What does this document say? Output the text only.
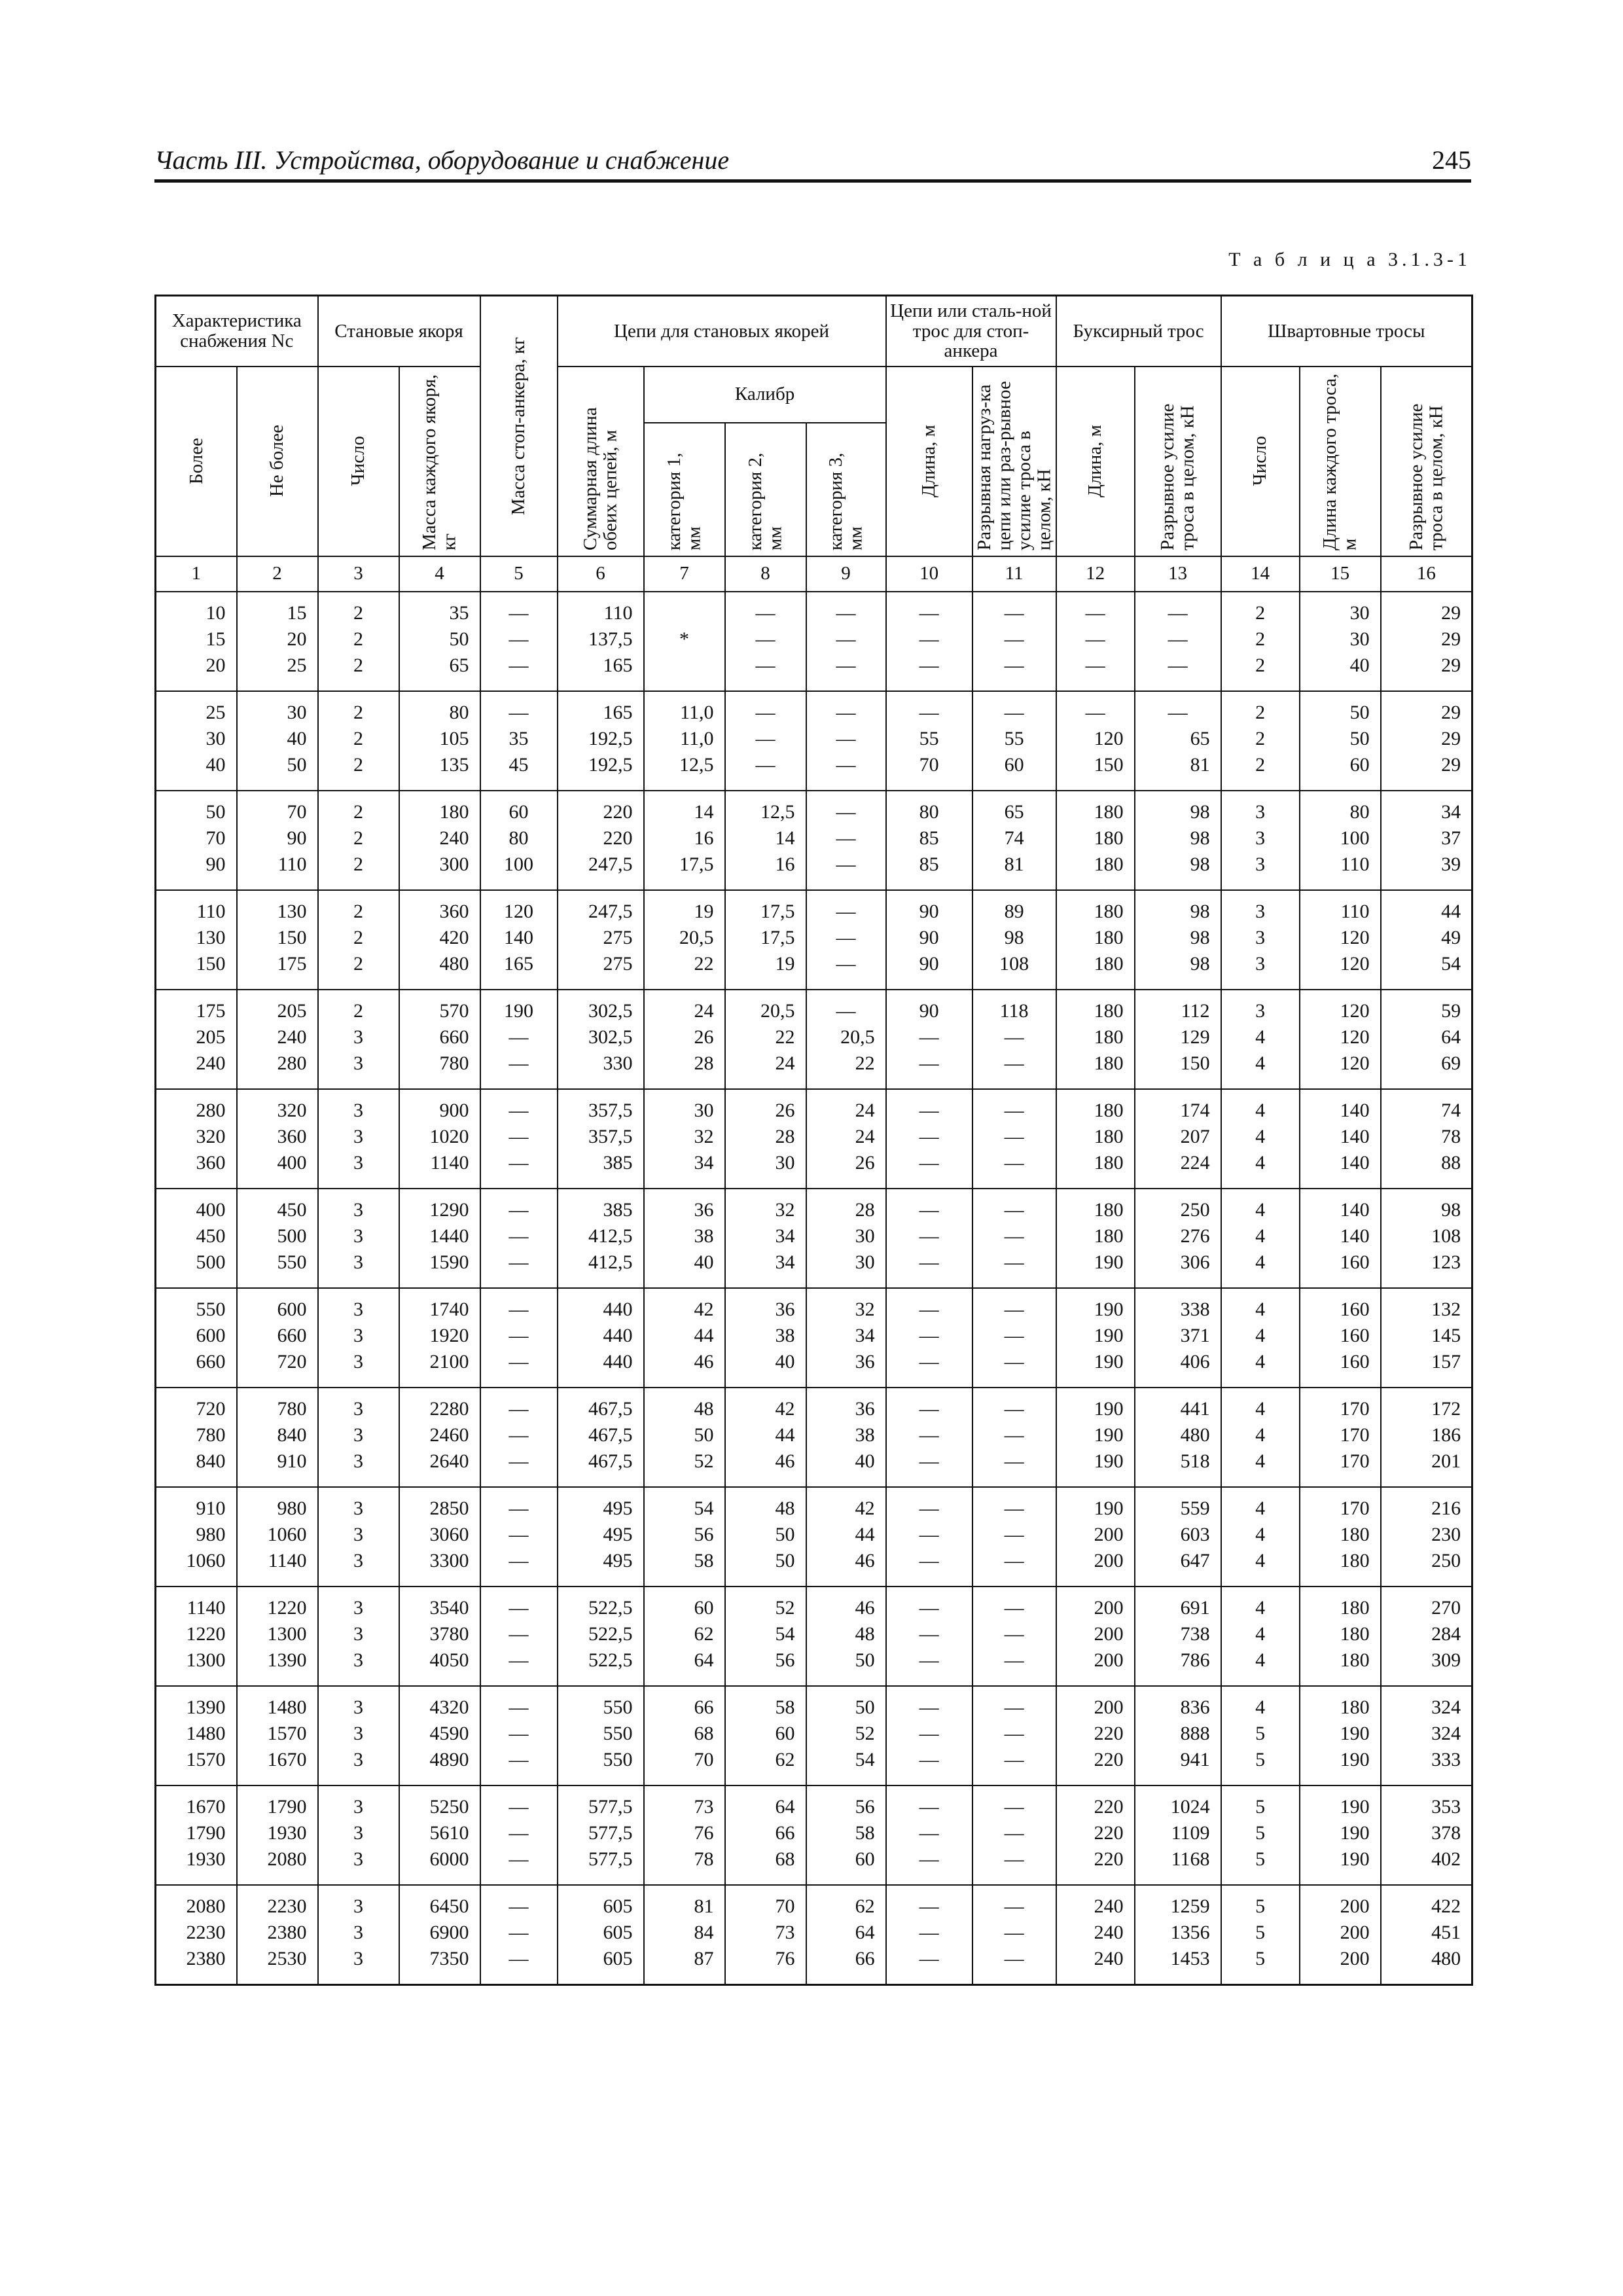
Часть III. Устройства, оборудование и снабжение	245
Т а б л и ц а 3.1.3-1
Характеристика снабжения Nc		Становые якоря		Масса стоп-анкера, кг	Цепи для становых якорей				Цепи или сталь-ной трос для стоп-анкера		Буксирный трос		Швартовные тросы		

Более	Не более	Число	Масса каждого якоря, кг		Суммарная длина обеих цепей, м	Калибр			Длина, м	Разрывная нагруз-ка цепи или раз-рывное усилие троса в целом, кН	Длина, м	Разрывное усилие троса в целом, кН	Число	Длина каждого троса, м	Разрывное усилие троса в целом, кН

						категория 1, мм	категория 2, мм	категория 3, мм							

1	2	3	4	5	6	7	8	9	10	11	12	13	14	15	16

10	15	2	35	—	110		—	—	—	—	—	—	2	30	29
15	20	2	50	—	137,5	*	—	—	—	—	—	—	2	30	29
20	25	2	65	—	165		—	—	—	—	—	—	2	40	29

25	30	2	80	—	165	11,0	—	—	—	—	—	—	2	50	29
30	40	2	105	35	192,5	11,0	—	—	55	55	120	65	2	50	29
40	50	2	135	45	192,5	12,5	—	—	70	60	150	81	2	60	29

50	70	2	180	60	220	14	12,5	—	80	65	180	98	3	80	34
70	90	2	240	80	220	16	14	—	85	74	180	98	3	100	37
90	110	2	300	100	247,5	17,5	16	—	85	81	180	98	3	110	39

110	130	2	360	120	247,5	19	17,5	—	90	89	180	98	3	110	44
130	150	2	420	140	275	20,5	17,5	—	90	98	180	98	3	120	49
150	175	2	480	165	275	22	19	—	90	108	180	98	3	120	54

175	205	2	570	190	302,5	24	20,5	—	90	118	180	112	3	120	59
205	240	3	660	—	302,5	26	22	20,5	—	—	180	129	4	120	64
240	280	3	780	—	330	28	24	22	—	—	180	150	4	120	69

280	320	3	900	—	357,5	30	26	24	—	—	180	174	4	140	74
320	360	3	1020	—	357,5	32	28	24	—	—	180	207	4	140	78
360	400	3	1140	—	385	34	30	26	—	—	180	224	4	140	88

400	450	3	1290	—	385	36	32	28	—	—	180	250	4	140	98
450	500	3	1440	—	412,5	38	34	30	—	—	180	276	4	140	108
500	550	3	1590	—	412,5	40	34	30	—	—	190	306	4	160	123

550	600	3	1740	—	440	42	36	32	—	—	190	338	4	160	132
600	660	3	1920	—	440	44	38	34	—	—	190	371	4	160	145
660	720	3	2100	—	440	46	40	36	—	—	190	406	4	160	157

720	780	3	2280	—	467,5	48	42	36	—	—	190	441	4	170	172
780	840	3	2460	—	467,5	50	44	38	—	—	190	480	4	170	186
840	910	3	2640	—	467,5	52	46	40	—	—	190	518	4	170	201

910	980	3	2850	—	495	54	48	42	—	—	190	559	4	170	216
980	1060	3	3060	—	495	56	50	44	—	—	200	603	4	180	230
1060	1140	3	3300	—	495	58	50	46	—	—	200	647	4	180	250

1140	1220	3	3540	—	522,5	60	52	46	—	—	200	691	4	180	270
1220	1300	3	3780	—	522,5	62	54	48	—	—	200	738	4	180	284
1300	1390	3	4050	—	522,5	64	56	50	—	—	200	786	4	180	309

1390	1480	3	4320	—	550	66	58	50	—	—	200	836	4	180	324
1480	1570	3	4590	—	550	68	60	52	—	—	220	888	5	190	324
1570	1670	3	4890	—	550	70	62	54	—	—	220	941	5	190	333

1670	1790	3	5250	—	577,5	73	64	56	—	—	220	1024	5	190	353
1790	1930	3	5610	—	577,5	76	66	58	—	—	220	1109	5	190	378
1930	2080	3	6000	—	577,5	78	68	60	—	—	220	1168	5	190	402

2080	2230	3	6450	—	605	81	70	62	—	—	240	1259	5	200	422
2230	2380	3	6900	—	605	84	73	64	—	—	240	1356	5	200	451
2380	2530	3	7350	—	605	87	76	66	—	—	240	1453	5	200	480
